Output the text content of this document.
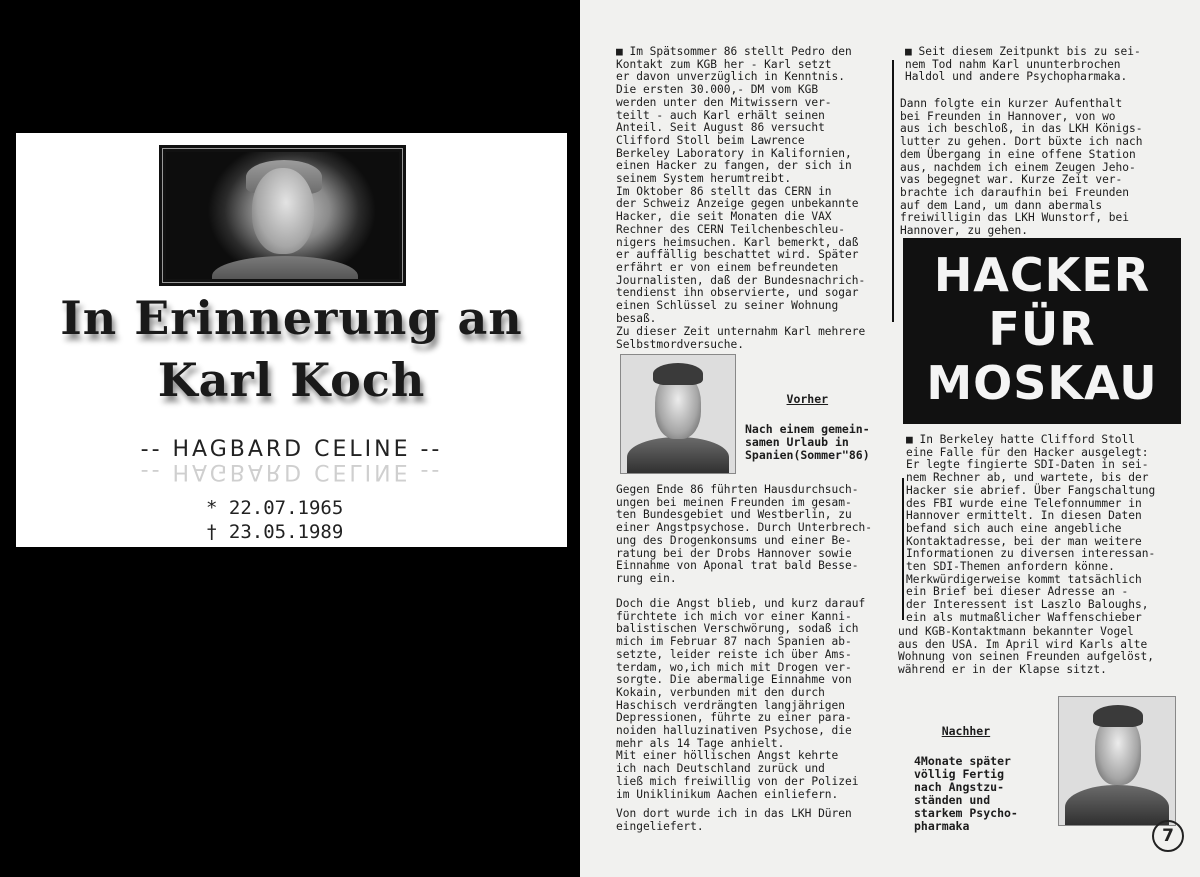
In Erinnerung an
Karl Koch
-- HAGBARD CELINE --
-- HAGBARD CELINE --
* 22.07.1965
† 23.05.1989
■ Im Spätsommer 86 stellt Pedro den
Kontakt zum KGB her - Karl setzt
er davon unverzüglich in Kenntnis.
Die ersten 30.000,- DM vom KGB
werden unter den Mitwissern ver-
teilt - auch Karl erhält seinen
Anteil. Seit August 86 versucht
Clifford Stoll beim Lawrence
Berkeley Laboratory in Kalifornien,
einen Hacker zu fangen, der sich in
seinem System herumtreibt.
Im Oktober 86 stellt das CERN in
der Schweiz Anzeige gegen unbekannte
Hacker, die seit Monaten die VAX
Rechner des CERN Teilchenbeschleu-
nigers heimsuchen. Karl bemerkt, daß
er auffällig beschattet wird. Später
erfährt er von einem befreundeten
Journalisten, daß der Bundesnachrich-
tendienst ihn observierte, und sogar
einen Schlüssel zu seiner Wohnung
besaß.
Zu dieser Zeit unternahm Karl mehrere
Selbstmordversuche.

Vorher

Nach einem gemein-
samen Urlaub in
Spanien(Sommer"86)

Gegen Ende 86 führten Hausdurchsuch-
ungen bei meinen Freunden im gesam-
ten Bundesgebiet und Westberlin, zu
einer Angstpsychose. Durch Unterbrech-
ung des Drogenkonsums und einer Be-
ratung bei der Drobs Hannover sowie
Einnahme von Aponal trat bald Besse-
rung ein.
Doch die Angst blieb, und kurz darauf
fürchtete ich mich vor einer Kanni-
balistischen Verschwörung, sodaß ich
mich im Februar 87 nach Spanien ab-
setzte, leider reiste ich über Ams-
terdam, wo,ich mich mit Drogen ver-
sorgte. Die abermalige Einnahme von
Kokain, verbunden mit den durch
Haschisch verdrängten langjährigen
Depressionen, führte zu einer para-
noiden halluzinativen Psychose, die
mehr als 14 Tage anhielt.
Mit einer höllischen Angst kehrte
ich nach Deutschland zurück und
ließ mich freiwillig von der Polizei
im Uniklinikum Aachen einliefern.
Von dort wurde ich in das LKH Düren
eingeliefert.
■ Seit diesem Zeitpunkt bis zu sei-
nem Tod nahm Karl ununterbrochen
Haldol und andere Psychopharmaka.
Dann folgte ein kurzer Aufenthalt
bei Freunden in Hannover, von wo
aus ich beschloß, in das LKH Königs-
lutter zu gehen. Dort büxte ich nach
dem Übergang in eine offene Station
aus, nachdem ich einem Zeugen Jeho-
vas begegnet war. Kurze Zeit ver-
brachte ich daraufhin bei Freunden
auf dem Land, um dann abermals
freiwilligin das LKH Wunstorf, bei
Hannover, zu gehen.
HACKER
FÜR
MOSKAU
■ In Berkeley hatte Clifford Stoll
eine Falle für den Hacker ausgelegt:
Er legte fingierte SDI-Daten in sei-
nem Rechner ab, und wartete, bis der
Hacker sie abrief. Über Fangschaltung
des FBI wurde eine Telefonnummer in
Hannover ermittelt. In diesen Daten
befand sich auch eine angebliche
Kontaktadresse, bei der man weitere
Informationen zu diversen interessan-
ten SDI-Themen anfordern könne.
Merkwürdigerweise kommt tatsächlich
ein Brief bei dieser Adresse an -
der Interessent ist Laszlo Baloughs,
ein als mutmaßlicher Waffenschieber
und KGB-Kontaktmann bekannter Vogel
aus den USA. Im April wird Karls alte
Wohnung von seinen Freunden aufgelöst,
während er in der Klapse sitzt.

Nachher

4Monate später
völlig Fertig
nach Angstzu-
ständen und
starkem Psycho-
pharmaka	7
